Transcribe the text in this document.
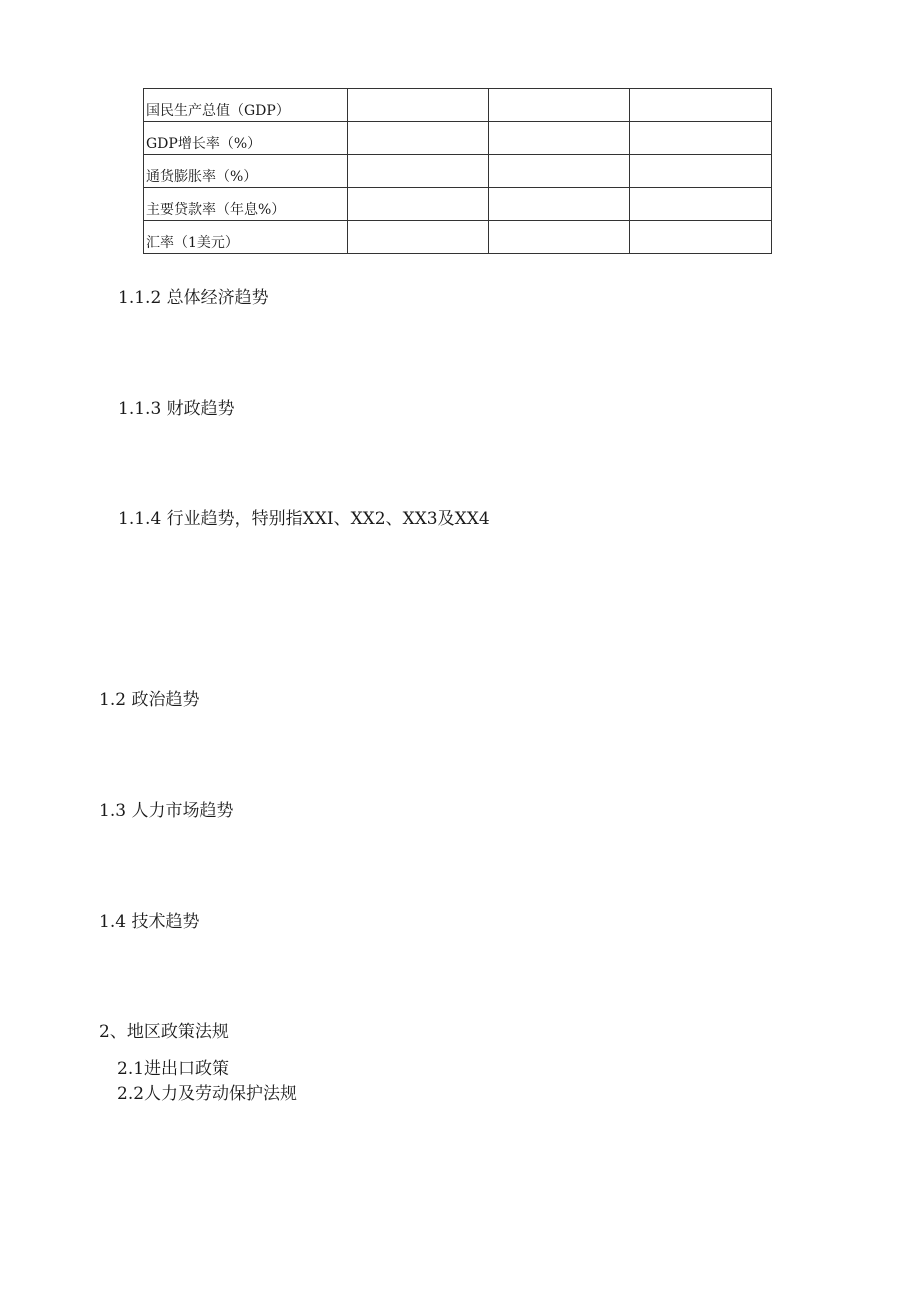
国民生产总值（GDP）			
GDP增长率（%）			
通货膨胀率（%）			
主要贷款率（年息%）			
汇率（1美元）			

1.1.2 总体经济趋势

1.1.3 财政趋势

1.1.4 行业趋势，特别指XXI、XX2、XX3及XX4

1.2 政治趋势

1.3 人力市场趋势

1.4 技术趋势

2、地区政策法规

2.1进出口政策

2.2人力及劳动保护法规
